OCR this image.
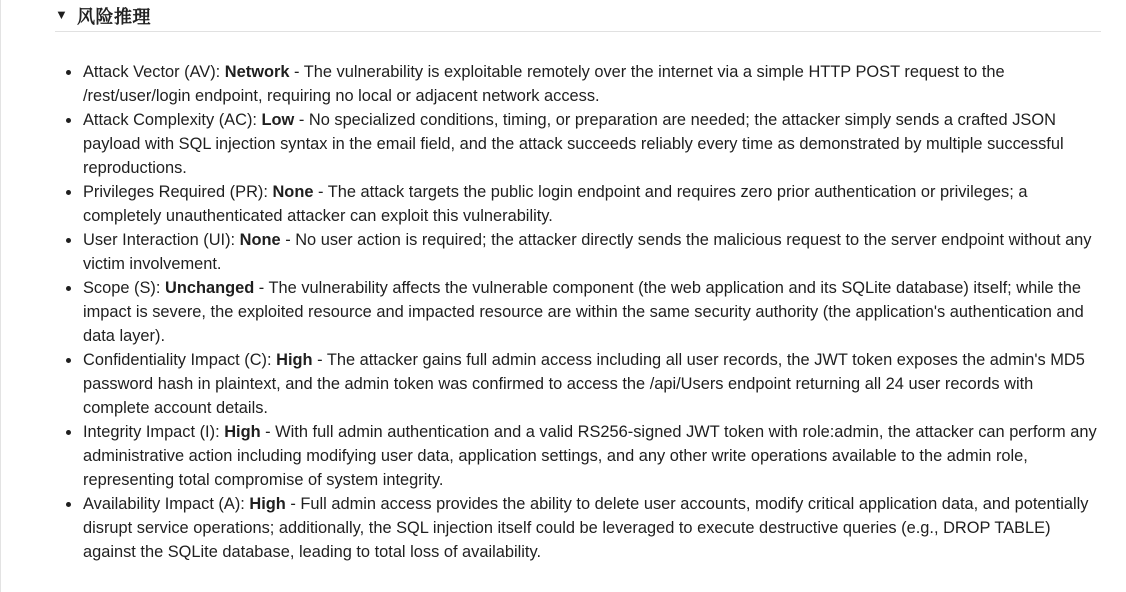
▼ 风险推理
Attack Vector (AV): Network - The vulnerability is exploitable remotely over the internet via a simple HTTP POST request to the /rest/user/login endpoint, requiring no local or adjacent network access.
Attack Complexity (AC): Low - No specialized conditions, timing, or preparation are needed; the attacker simply sends a crafted JSON payload with SQL injection syntax in the email field, and the attack succeeds reliably every time as demonstrated by multiple successful reproductions.
Privileges Required (PR): None - The attack targets the public login endpoint and requires zero prior authentication or privileges; a completely unauthenticated attacker can exploit this vulnerability.
User Interaction (UI): None - No user action is required; the attacker directly sends the malicious request to the server endpoint without any victim involvement.
Scope (S): Unchanged - The vulnerability affects the vulnerable component (the web application and its SQLite database) itself; while the impact is severe, the exploited resource and impacted resource are within the same security authority (the application's authentication and data layer).
Confidentiality Impact (C): High - The attacker gains full admin access including all user records, the JWT token exposes the admin's MD5 password hash in plaintext, and the admin token was confirmed to access the /api/Users endpoint returning all 24 user records with complete account details.
Integrity Impact (I): High - With full admin authentication and a valid RS256-signed JWT token with role:admin, the attacker can perform any administrative action including modifying user data, application settings, and any other write operations available to the admin role, representing total compromise of system integrity.
Availability Impact (A): High - Full admin access provides the ability to delete user accounts, modify critical application data, and potentially disrupt service operations; additionally, the SQL injection itself could be leveraged to execute destructive queries (e.g., DROP TABLE) against the SQLite database, leading to total loss of availability.
